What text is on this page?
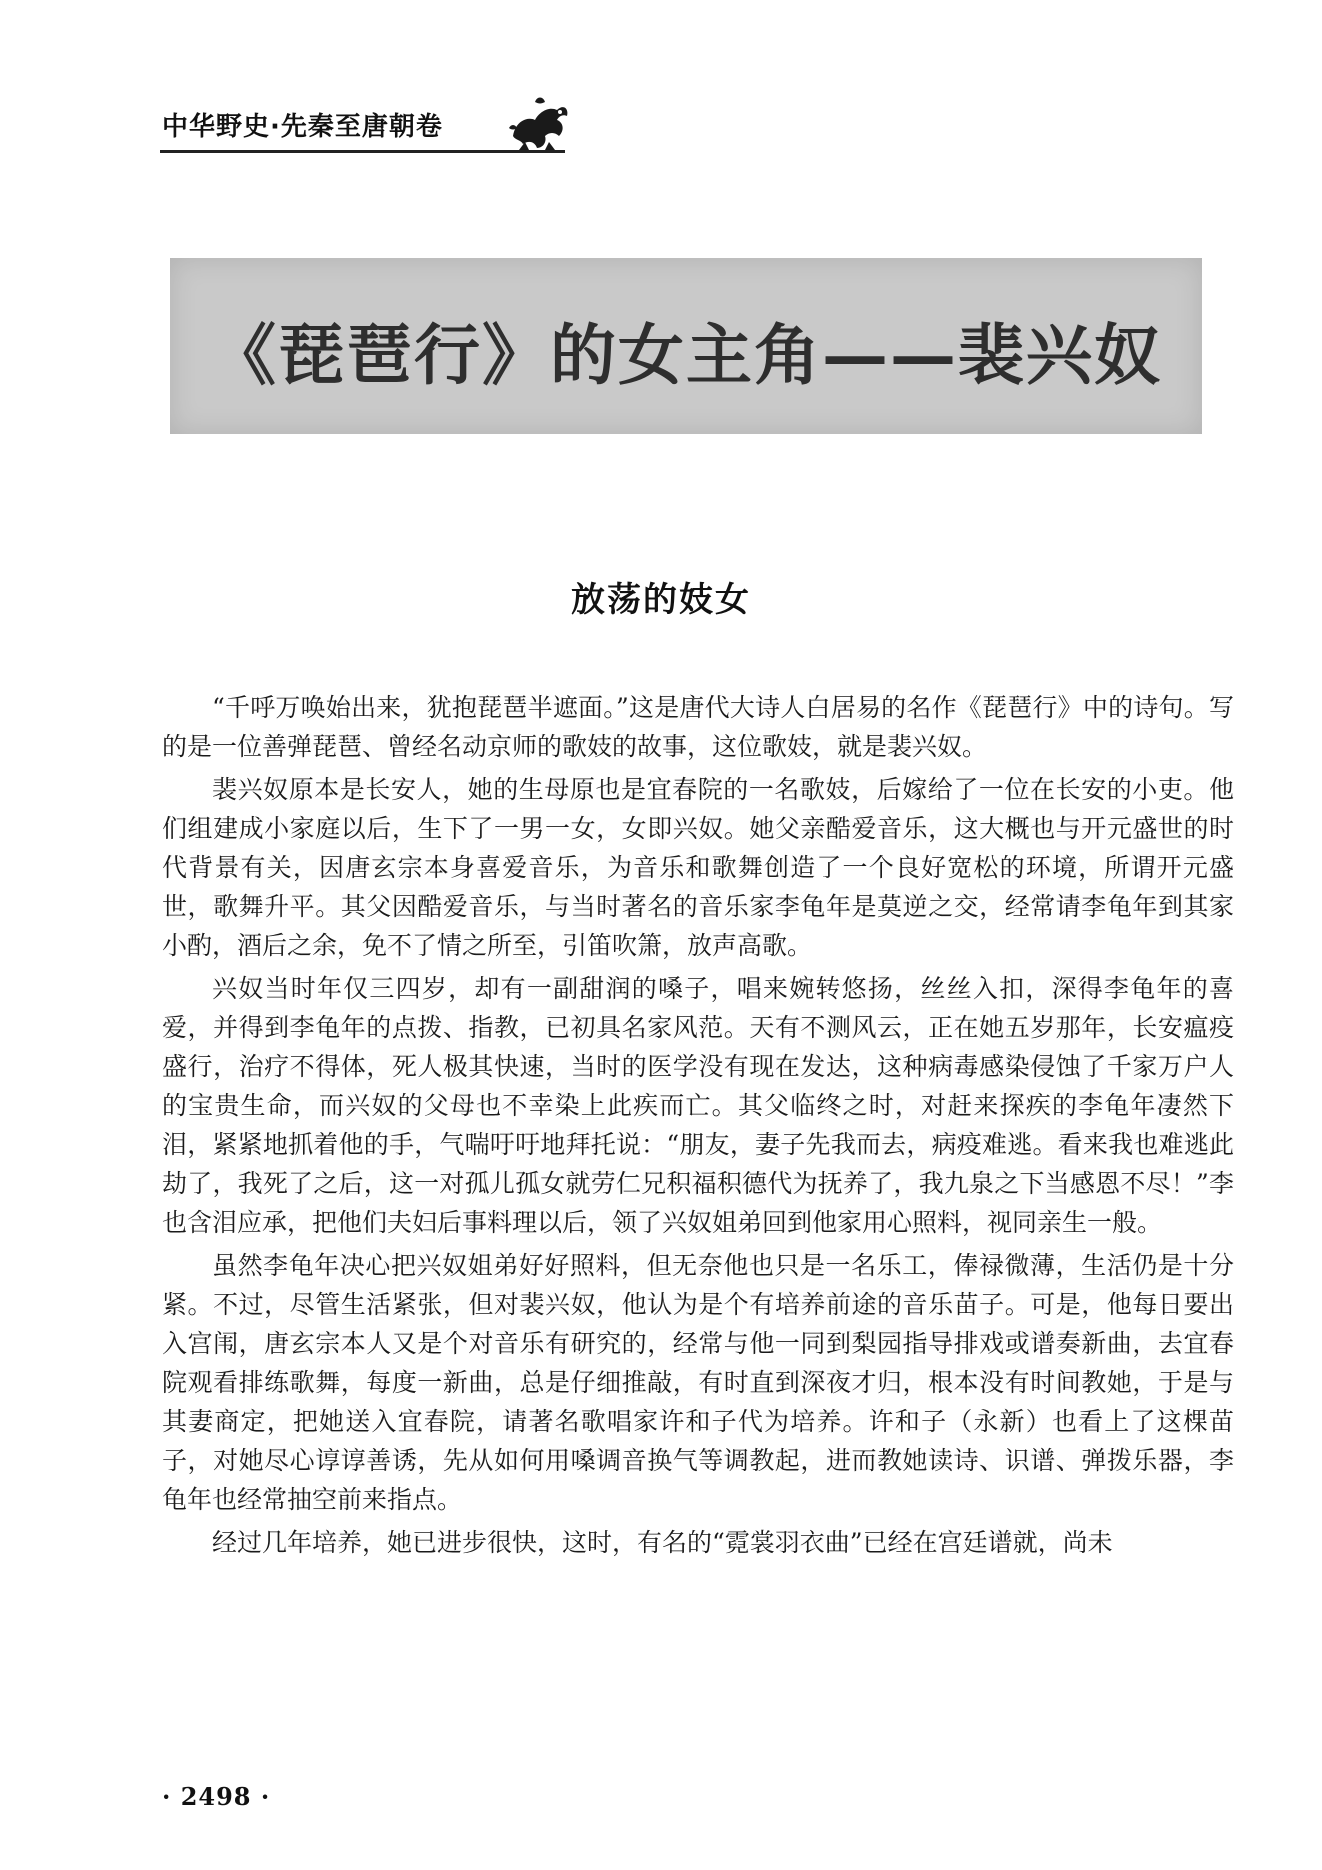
中华野史·先秦至唐朝卷
《琵琶行》的女主角——裴兴奴
放荡的妓女

“千呼万唤始出来，犹抱琵琶半遮面。”这是唐代大诗人白居易的名作《琵琶行》中的诗句。写的是一位善弹琵琶、曾经名动京师的歌妓的故事，这位歌妓，就是裴兴奴。

裴兴奴原本是长安人，她的生母原也是宜春院的一名歌妓，后嫁给了一位在长安的小吏。他们组建成小家庭以后，生下了一男一女，女即兴奴。她父亲酷爱音乐，这大概也与开元盛世的时代背景有关，因唐玄宗本身喜爱音乐，为音乐和歌舞创造了一个良好宽松的环境，所谓开元盛世，歌舞升平。其父因酷爱音乐，与当时著名的音乐家李龟年是莫逆之交，经常请李龟年到其家小酌，酒后之余，免不了情之所至，引笛吹箫，放声高歌。

兴奴当时年仅三四岁，却有一副甜润的嗓子，唱来婉转悠扬，丝丝入扣，深得李龟年的喜爱，并得到李龟年的点拨、指教，已初具名家风范。天有不测风云，正在她五岁那年，长安瘟疫盛行，治疗不得体，死人极其快速，当时的医学没有现在发达，这种病毒感染侵蚀了千家万户人的宝贵生命，而兴奴的父母也不幸染上此疾而亡。其父临终之时，对赶来探疾的李龟年凄然下泪，紧紧地抓着他的手，气喘吁吁地拜托说：“朋友，妻子先我而去，病疫难逃。看来我也难逃此劫了，我死了之后，这一对孤儿孤女就劳仁兄积福积德代为抚养了，我九泉之下当感恩不尽！”李也含泪应承，把他们夫妇后事料理以后，领了兴奴姐弟回到他家用心照料，视同亲生一般。

虽然李龟年决心把兴奴姐弟好好照料，但无奈他也只是一名乐工，俸禄微薄，生活仍是十分紧。不过，尽管生活紧张，但对裴兴奴，他认为是个有培养前途的音乐苗子。可是，他每日要出入宫闱，唐玄宗本人又是个对音乐有研究的，经常与他一同到梨园指导排戏或谱奏新曲，去宜春院观看排练歌舞，每度一新曲，总是仔细推敲，有时直到深夜才归，根本没有时间教她，于是与其妻商定，把她送入宜春院，请著名歌唱家许和子代为培养。许和子（永新）也看上了这棵苗子，对她尽心谆谆善诱，先从如何用嗓调音换气等调教起，进而教她读诗、识谱、弹拨乐器，李龟年也经常抽空前来指点。

经过几年培养，她已进步很快，这时，有名的“霓裳羽衣曲”已经在宫廷谱就，尚未

· 2498 ·
